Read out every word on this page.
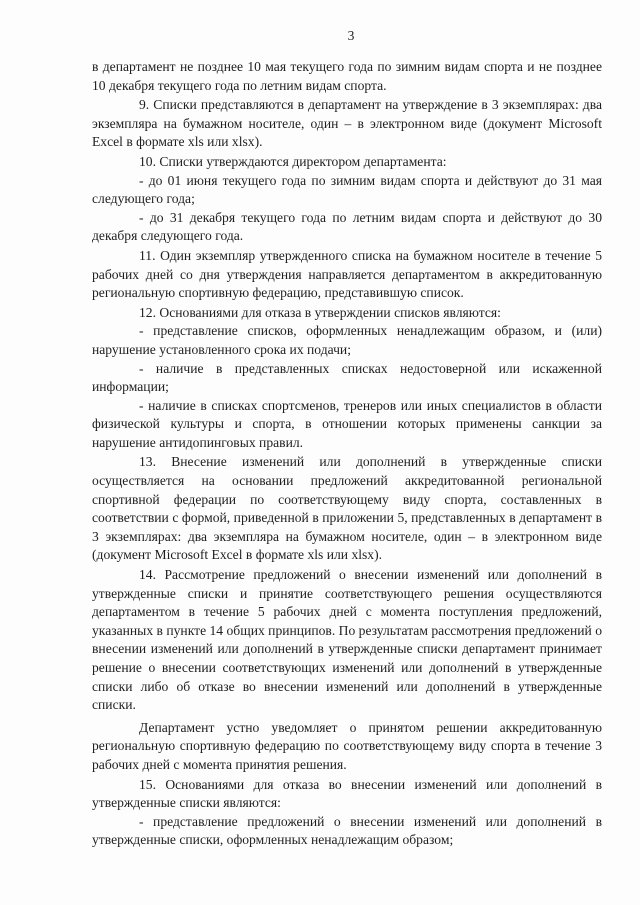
3

в департамент не позднее 10 мая текущего года по зимним видам спорта и не позднее 10 декабря текущего года по летним видам спорта.

9. Списки представляются в департамент на утверждение в 3 экземплярах: два экземпляра на бумажном носителе, один – в электронном виде (документ Microsoft Excel в формате xls или xlsx).

10. Списки утверждаются директором департамента:

- до 01 июня текущего года по зимним видам спорта и действуют до 31 мая следующего года;

- до 31 декабря текущего года по летним видам спорта и действуют до 30 декабря следующего года.

11. Один экземпляр утвержденного списка на бумажном носителе в течение 5 рабочих дней со дня утверждения направляется департаментом в аккредитованную региональную спортивную федерацию, представившую список.

12. Основаниями для отказа в утверждении списков являются:

- представление списков, оформленных ненадлежащим образом, и (или) нарушение установленного срока их подачи;

- наличие в представленных списках недостоверной или искаженной информации;

- наличие в списках спортсменов, тренеров или иных специалистов в области физической культуры и спорта, в отношении которых применены санкции за нарушение антидопинговых правил.

13. Внесение изменений или дополнений в утвержденные списки осуществляется на основании предложений аккредитованной региональной спортивной федерации по соответствующему виду спорта, составленных в соответствии с формой, приведенной в приложении 5, представленных в департамент в 3 экземплярах: два экземпляра на бумажном носителе, один – в электронном виде (документ Microsoft Excel в формате xls или xlsx).

14. Рассмотрение предложений о внесении изменений или дополнений в утвержденные списки и принятие соответствующего решения осуществляются департаментом в течение 5 рабочих дней с момента поступления предложений, указанных в пункте 14 общих принципов. По результатам рассмотрения предложений о внесении изменений или дополнений в утвержденные списки департамент принимает решение о внесении соответствующих изменений или дополнений в утвержденные списки либо об отказе во внесении изменений или дополнений в утвержденные списки.

Департамент устно уведомляет о принятом решении аккредитованную региональную спортивную федерацию по соответствующему виду спорта в течение 3 рабочих дней с момента принятия решения.

15. Основаниями для отказа во внесении изменений или дополнений в утвержденные списки являются:

- представление предложений о внесении изменений или дополнений в утвержденные списки, оформленных ненадлежащим образом;
